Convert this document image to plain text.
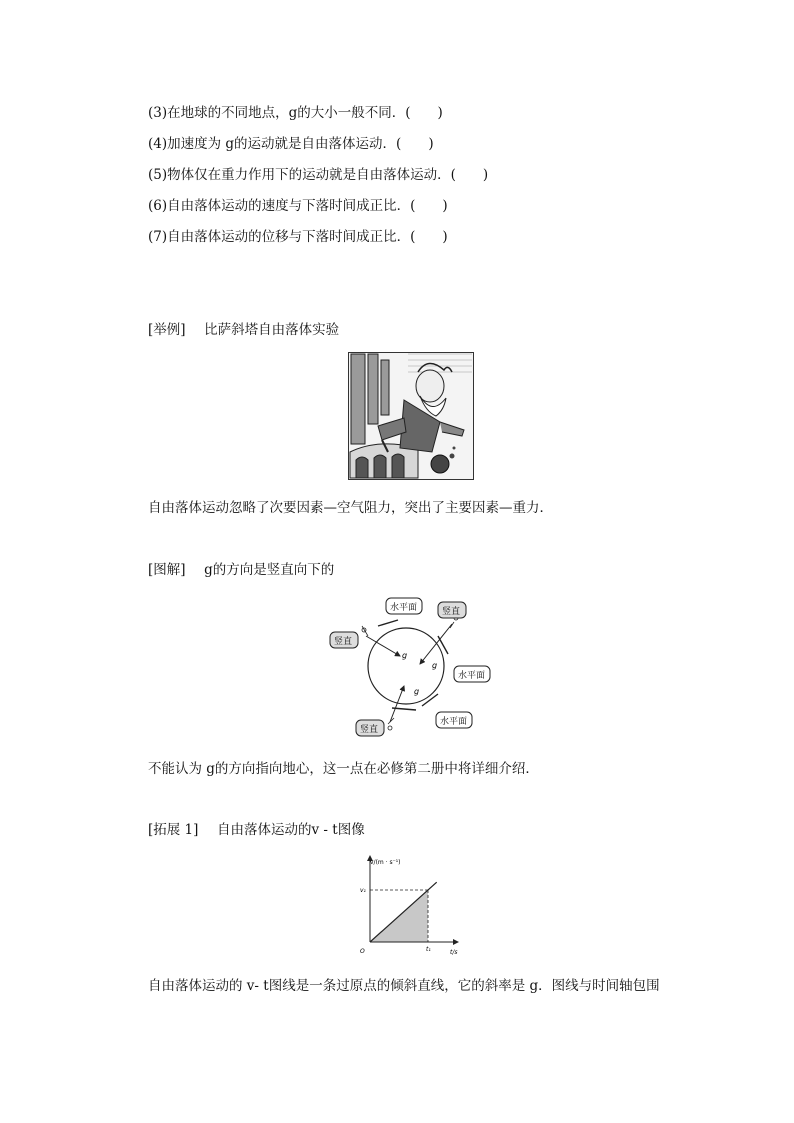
(3)在地球的不同地点，g的大小一般不同．(　　)
(4)加速度为 g的运动就是自由落体运动．(　　)
(5)物体仅在重力作用下的运动就是自由落体运动．(　　)
(6)自由落体运动的速度与下落时间成正比．(　　)
(7)自由落体运动的位移与下落时间成正比．(　　)
[举例] 比萨斜塔自由落体实验
自由落体运动忽略了次要因素—空气阻力，突出了主要因素—重力．
[图解] g的方向是竖直向下的
g
g
g
水平面	竖直
竖直
水平面
水平面
竖直
不能认为 g的方向指向地心，这一点在必修第二册中将详细介绍．
[拓展 1] 自由落体运动的v - t图像
v/(m · s⁻¹)
t/s
O	t₁
v₁
自由落体运动的 v- t图线是一条过原点的倾斜直线，它的斜率是 g．图线与时间轴包围
